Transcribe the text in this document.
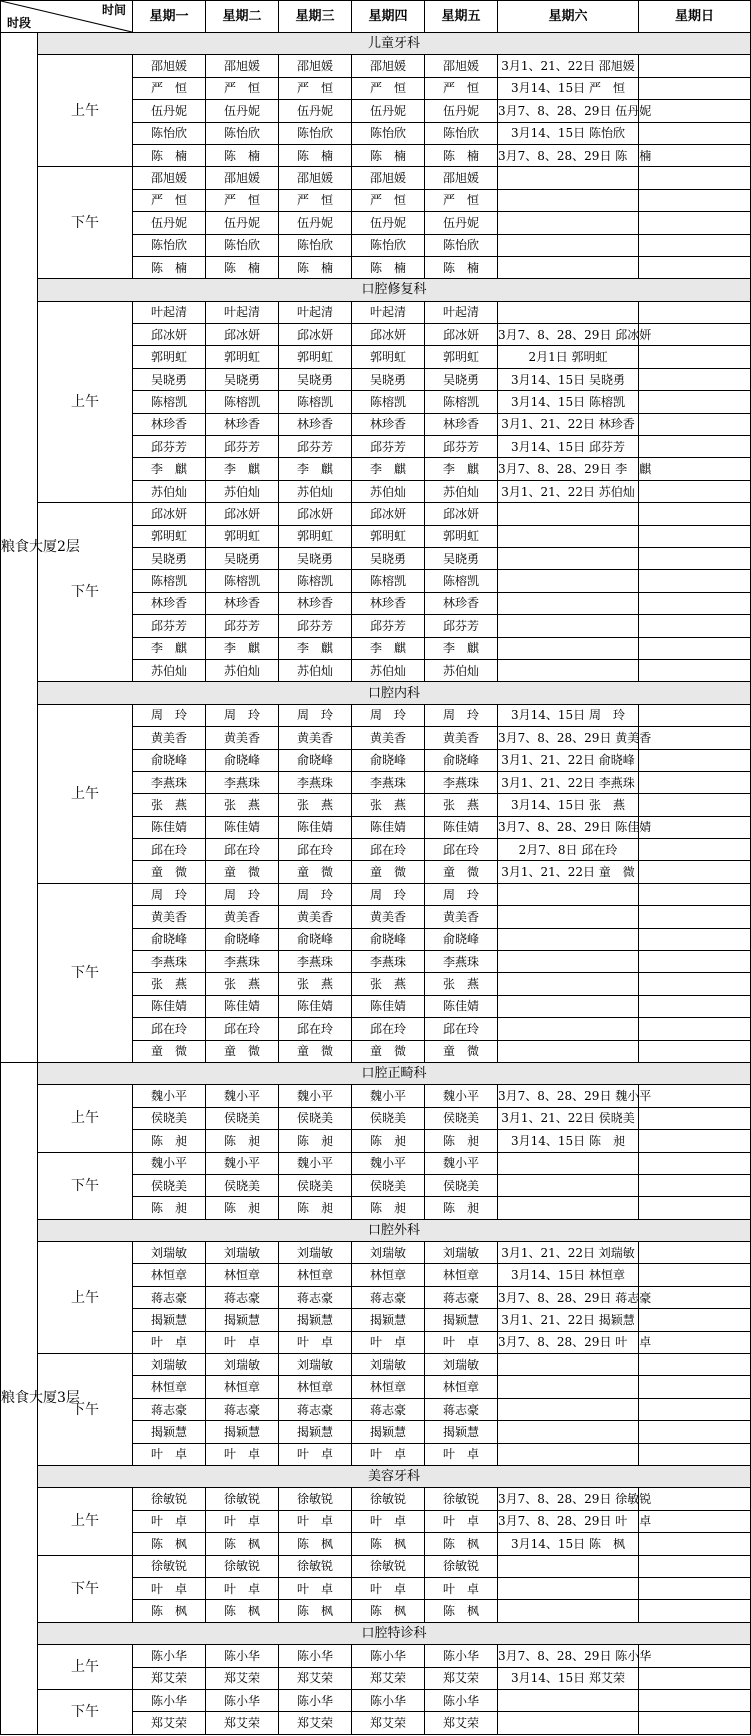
时间
时段		星期一	星期二	星期三	星期四	星期五	星期六	星期日
粮食大厦2层	儿童牙科							
	上午	邵旭媛	邵旭媛	邵旭媛	邵旭媛	邵旭媛	3月1、21、22日 邵旭媛	
		严　恒	严　恒	严　恒	严　恒	严　恒	3月14、15日 严　恒	
		伍丹妮	伍丹妮	伍丹妮	伍丹妮	伍丹妮	3月7、8、28、29日 伍丹妮	
		陈怡欣	陈怡欣	陈怡欣	陈怡欣	陈怡欣	3月14、15日 陈怡欣	
		陈　楠	陈　楠	陈　楠	陈　楠	陈　楠	3月7、8、28、29日 陈　楠	
	下午	邵旭媛	邵旭媛	邵旭媛	邵旭媛	邵旭媛		
		严　恒	严　恒	严　恒	严　恒	严　恒		
		伍丹妮	伍丹妮	伍丹妮	伍丹妮	伍丹妮		
		陈怡欣	陈怡欣	陈怡欣	陈怡欣	陈怡欣		
		陈　楠	陈　楠	陈　楠	陈　楠	陈　楠		
	口腔修复科							
	上午	叶起清	叶起清	叶起清	叶起清	叶起清		
		邱冰妍	邱冰妍	邱冰妍	邱冰妍	邱冰妍	3月7、8、28、29日 邱冰妍	
		郭明虹	郭明虹	郭明虹	郭明虹	郭明虹	2月1日 郭明虹	
		吴晓勇	吴晓勇	吴晓勇	吴晓勇	吴晓勇	3月14、15日 吴晓勇	
		陈榕凯	陈榕凯	陈榕凯	陈榕凯	陈榕凯	3月14、15日 陈榕凯	
		林珍香	林珍香	林珍香	林珍香	林珍香	3月1、21、22日 林珍香	
		邱芬芳	邱芬芳	邱芬芳	邱芬芳	邱芬芳	3月14、15日 邱芬芳	
		李　麒	李　麒	李　麒	李　麒	李　麒	3月7、8、28、29日 李　麒	
		苏伯灿	苏伯灿	苏伯灿	苏伯灿	苏伯灿	3月1、21、22日 苏伯灿	
	下午	邱冰妍	邱冰妍	邱冰妍	邱冰妍	邱冰妍		
		郭明虹	郭明虹	郭明虹	郭明虹	郭明虹		
		吴晓勇	吴晓勇	吴晓勇	吴晓勇	吴晓勇		
		陈榕凯	陈榕凯	陈榕凯	陈榕凯	陈榕凯		
		林珍香	林珍香	林珍香	林珍香	林珍香		
		邱芬芳	邱芬芳	邱芬芳	邱芬芳	邱芬芳		
		李　麒	李　麒	李　麒	李　麒	李　麒		
		苏伯灿	苏伯灿	苏伯灿	苏伯灿	苏伯灿		
	口腔内科							
	上午	周　玲	周　玲	周　玲	周　玲	周　玲	3月14、15日 周　玲	
		黄美香	黄美香	黄美香	黄美香	黄美香	3月7、8、28、29日 黄美香	
		俞晓峰	俞晓峰	俞晓峰	俞晓峰	俞晓峰	3月1、21、22日 俞晓峰	
		李燕珠	李燕珠	李燕珠	李燕珠	李燕珠	3月1、21、22日 李燕珠	
		张　燕	张　燕	张　燕	张　燕	张　燕	3月14、15日 张　燕	
		陈佳婧	陈佳婧	陈佳婧	陈佳婧	陈佳婧	3月7、8、28、29日 陈佳婧	
		邱在玲	邱在玲	邱在玲	邱在玲	邱在玲	2月7、8日 邱在玲	
		童　微	童　微	童　微	童　微	童　微	3月1、21、22日 童　微	
	下午	周　玲	周　玲	周　玲	周　玲	周　玲		
		黄美香	黄美香	黄美香	黄美香	黄美香		
		俞晓峰	俞晓峰	俞晓峰	俞晓峰	俞晓峰		
		李燕珠	李燕珠	李燕珠	李燕珠	李燕珠		
		张　燕	张　燕	张　燕	张　燕	张　燕		
		陈佳婧	陈佳婧	陈佳婧	陈佳婧	陈佳婧		
		邱在玲	邱在玲	邱在玲	邱在玲	邱在玲		
		童　微	童　微	童　微	童　微	童　微		
粮食大厦3层	口腔正畸科							
	上午	魏小平	魏小平	魏小平	魏小平	魏小平	3月7、8、28、29日 魏小平	
		侯晓美	侯晓美	侯晓美	侯晓美	侯晓美	3月1、21、22日 侯晓美	
		陈　昶	陈　昶	陈　昶	陈　昶	陈　昶	3月14、15日 陈　昶	
	下午	魏小平	魏小平	魏小平	魏小平	魏小平		
		侯晓美	侯晓美	侯晓美	侯晓美	侯晓美		
		陈　昶	陈　昶	陈　昶	陈　昶	陈　昶		
	口腔外科							
	上午	刘瑞敏	刘瑞敏	刘瑞敏	刘瑞敏	刘瑞敏	3月1、21、22日 刘瑞敏	
		林恒章	林恒章	林恒章	林恒章	林恒章	3月14、15日 林恒章	
		蒋志豪	蒋志豪	蒋志豪	蒋志豪	蒋志豪	3月7、8、28、29日 蒋志豪	
		揭颖慧	揭颖慧	揭颖慧	揭颖慧	揭颖慧	3月1、21、22日 揭颖慧	
		叶　卓	叶　卓	叶　卓	叶　卓	叶　卓	3月7、8、28、29日 叶　卓	
	下午	刘瑞敏	刘瑞敏	刘瑞敏	刘瑞敏	刘瑞敏		
		林恒章	林恒章	林恒章	林恒章	林恒章		
		蒋志豪	蒋志豪	蒋志豪	蒋志豪	蒋志豪		
		揭颖慧	揭颖慧	揭颖慧	揭颖慧	揭颖慧		
		叶　卓	叶　卓	叶　卓	叶　卓	叶　卓		
	美容牙科							
	上午	徐敏锐	徐敏锐	徐敏锐	徐敏锐	徐敏锐	3月7、8、28、29日 徐敏锐	
		叶　卓	叶　卓	叶　卓	叶　卓	叶　卓	3月7、8、28、29日 叶　卓	
		陈　枫	陈　枫	陈　枫	陈　枫	陈　枫	3月14、15日 陈　枫	
	下午	徐敏锐	徐敏锐	徐敏锐	徐敏锐	徐敏锐		
		叶　卓	叶　卓	叶　卓	叶　卓	叶　卓		
		陈　枫	陈　枫	陈　枫	陈　枫	陈　枫		
	口腔特诊科							
	上午	陈小华	陈小华	陈小华	陈小华	陈小华	3月7、8、28、29日 陈小华	
		郑艾荣	郑艾荣	郑艾荣	郑艾荣	郑艾荣	3月14、15日 郑艾荣	
	下午	陈小华	陈小华	陈小华	陈小华	陈小华		
		郑艾荣	郑艾荣	郑艾荣	郑艾荣	郑艾荣		
